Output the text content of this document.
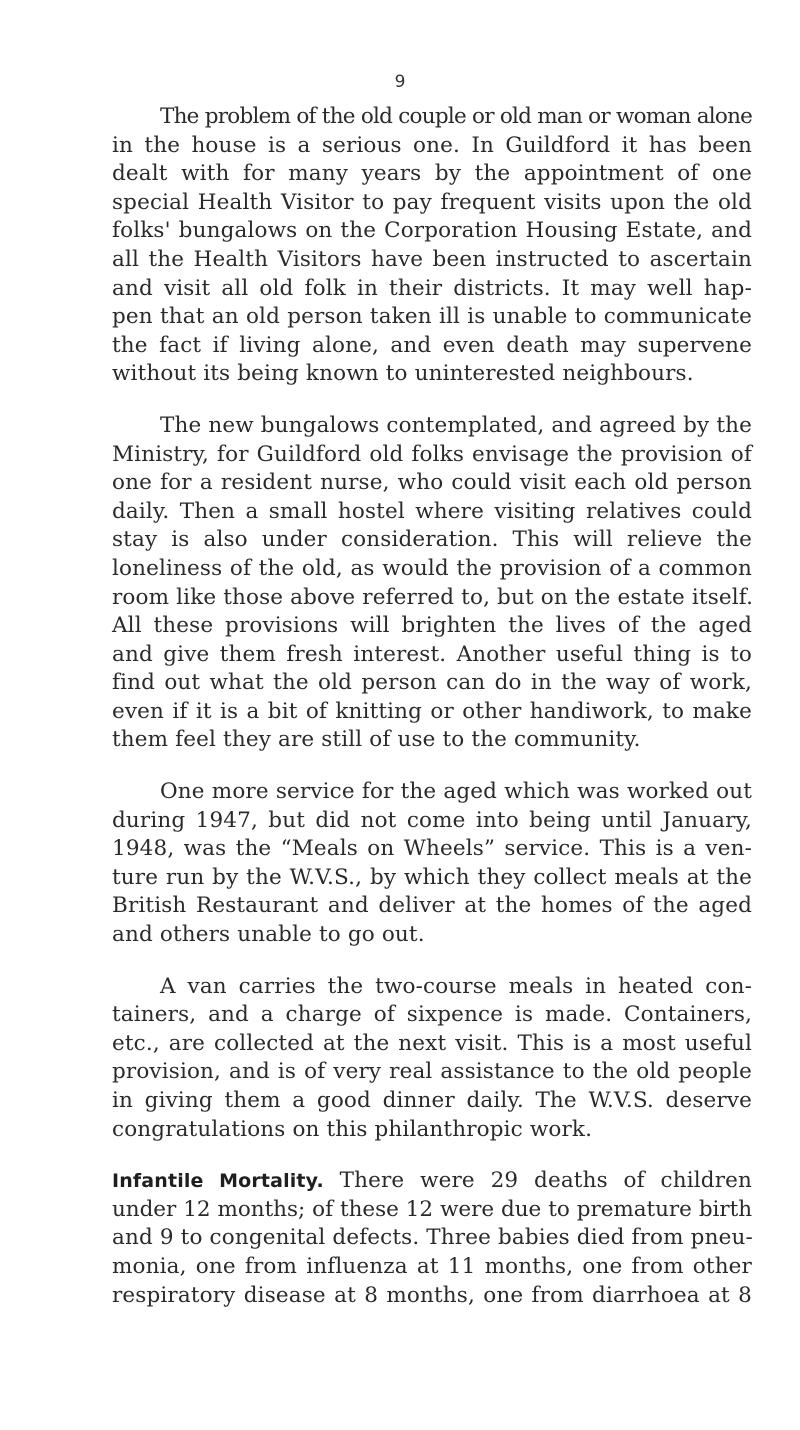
9
The problem of the old couple or old man or woman alone
in the house is a serious one. In Guildford it has been
dealt with for many years by the appointment of one
special Health Visitor to pay frequent visits upon the old
folks' bungalows on the Corporation Housing Estate, and
all the Health Visitors have been instructed to ascertain
and visit all old folk in their districts. It may well hap-
pen that an old person taken ill is unable to communicate
the fact if living alone, and even death may supervene
without its being known to uninterested neighbours.
The new bungalows contemplated, and agreed by the
Ministry, for Guildford old folks envisage the provision of
one for a resident nurse, who could visit each old person
daily. Then a small hostel where visiting relatives could
stay is also under consideration. This will relieve the
loneliness of the old, as would the provision of a common
room like those above referred to, but on the estate itself.
All these provisions will brighten the lives of the aged
and give them fresh interest. Another useful thing is to
find out what the old person can do in the way of work,
even if it is a bit of knitting or other handiwork, to make
them feel they are still of use to the community.
One more service for the aged which was worked out
during 1947, but did not come into being until January,
1948, was the “Meals on Wheels” service. This is a ven-
ture run by the W.V.S., by which they collect meals at the
British Restaurant and deliver at the homes of the aged
and others unable to go out.
A van carries the two-course meals in heated con-
tainers, and a charge of sixpence is made. Containers,
etc., are collected at the next visit. This is a most useful
provision, and is of very real assistance to the old people
in giving them a good dinner daily. The W.V.S. deserve
congratulations on this philanthropic work.
Infantile Mortality. There were 29 deaths of children
under 12 months; of these 12 were due to premature birth
and 9 to congenital defects. Three babies died from pneu-
monia, one from influenza at 11 months, one from other
respiratory disease at 8 months, one from diarrhoea at 8
